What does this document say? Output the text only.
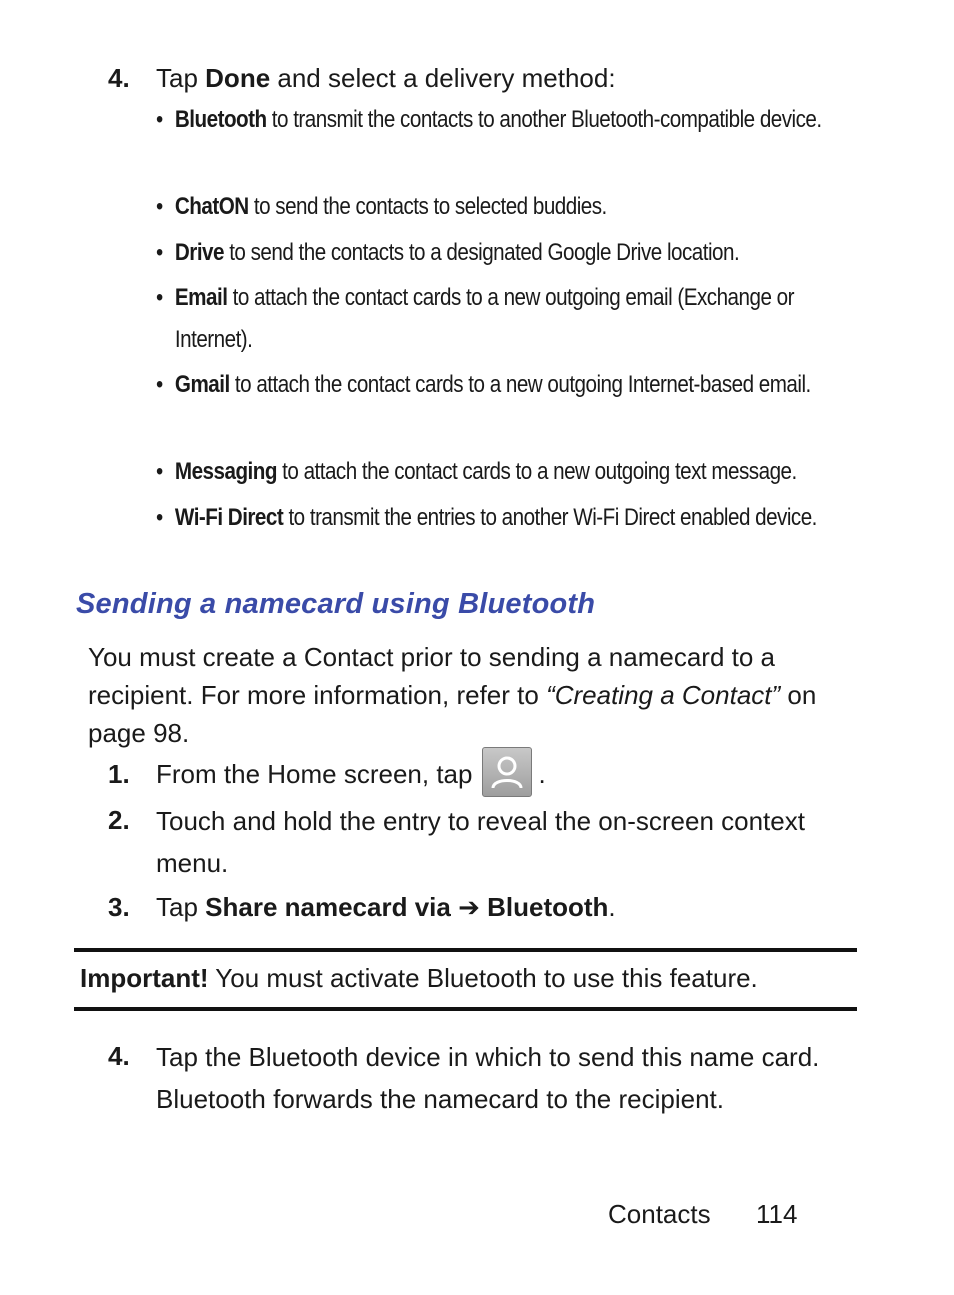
4. Tap Done and select a delivery method:
• Bluetooth to transmit the contacts to another Bluetooth-compatible device.
• ChatON to send the contacts to selected buddies.
• Drive to send the contacts to a designated Google Drive location.
• Email to attach the contact cards to a new outgoing email (Exchange or Internet).
• Gmail to attach the contact cards to a new outgoing Internet-based email.
• Messaging to attach the contact cards to a new outgoing text message.
• Wi-Fi Direct to transmit the entries to another Wi-Fi Direct enabled device.
Sending a namecard using Bluetooth
You must create a Contact prior to sending a namecard to a recipient. For more information, refer to “Creating a Contact” on page 98.
1. From the Home screen, tap	.
2. Touch and hold the entry to reveal the on-screen context menu.
3. Tap Share namecard via ➔ Bluetooth.
Important! You must activate Bluetooth to use this feature.
4. Tap the Bluetooth device in which to send this name card.
Bluetooth forwards the namecard to the recipient.
Contacts 114
